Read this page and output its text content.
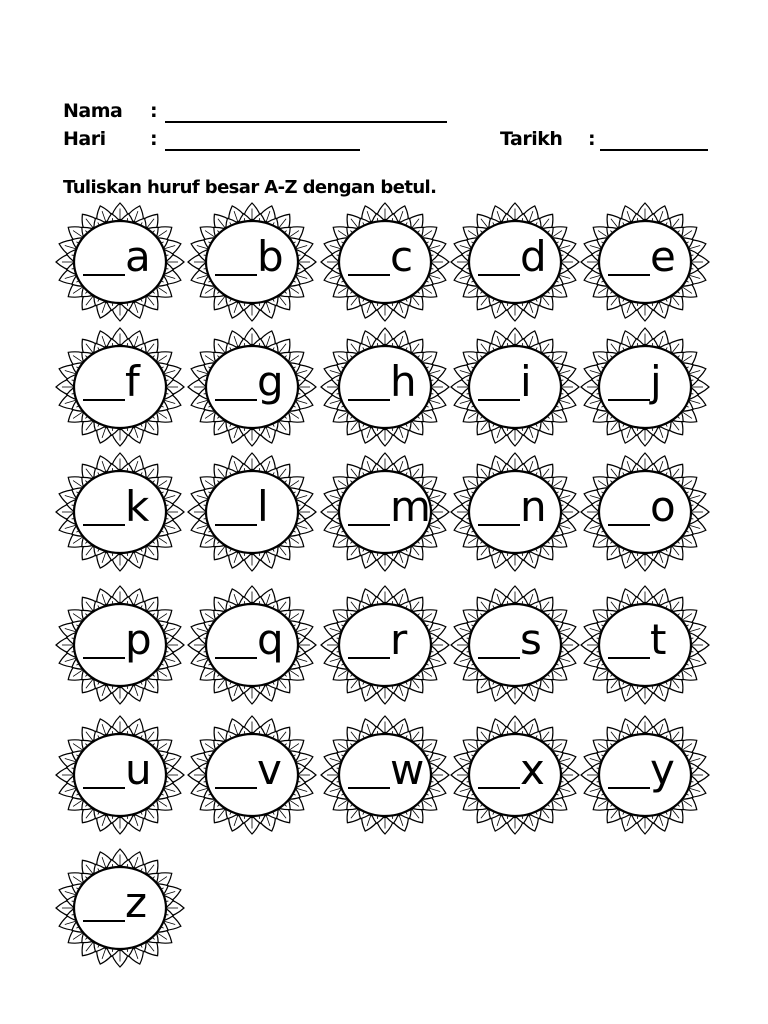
Nama :
Hari :	Tarikh :
Tuliskan huruf besar A-Z dengan betul.
a	b	c	d	e
f	g	h	i	j
k	l	m n	o
p	q	r	s	t
u	v	w x	y
z
